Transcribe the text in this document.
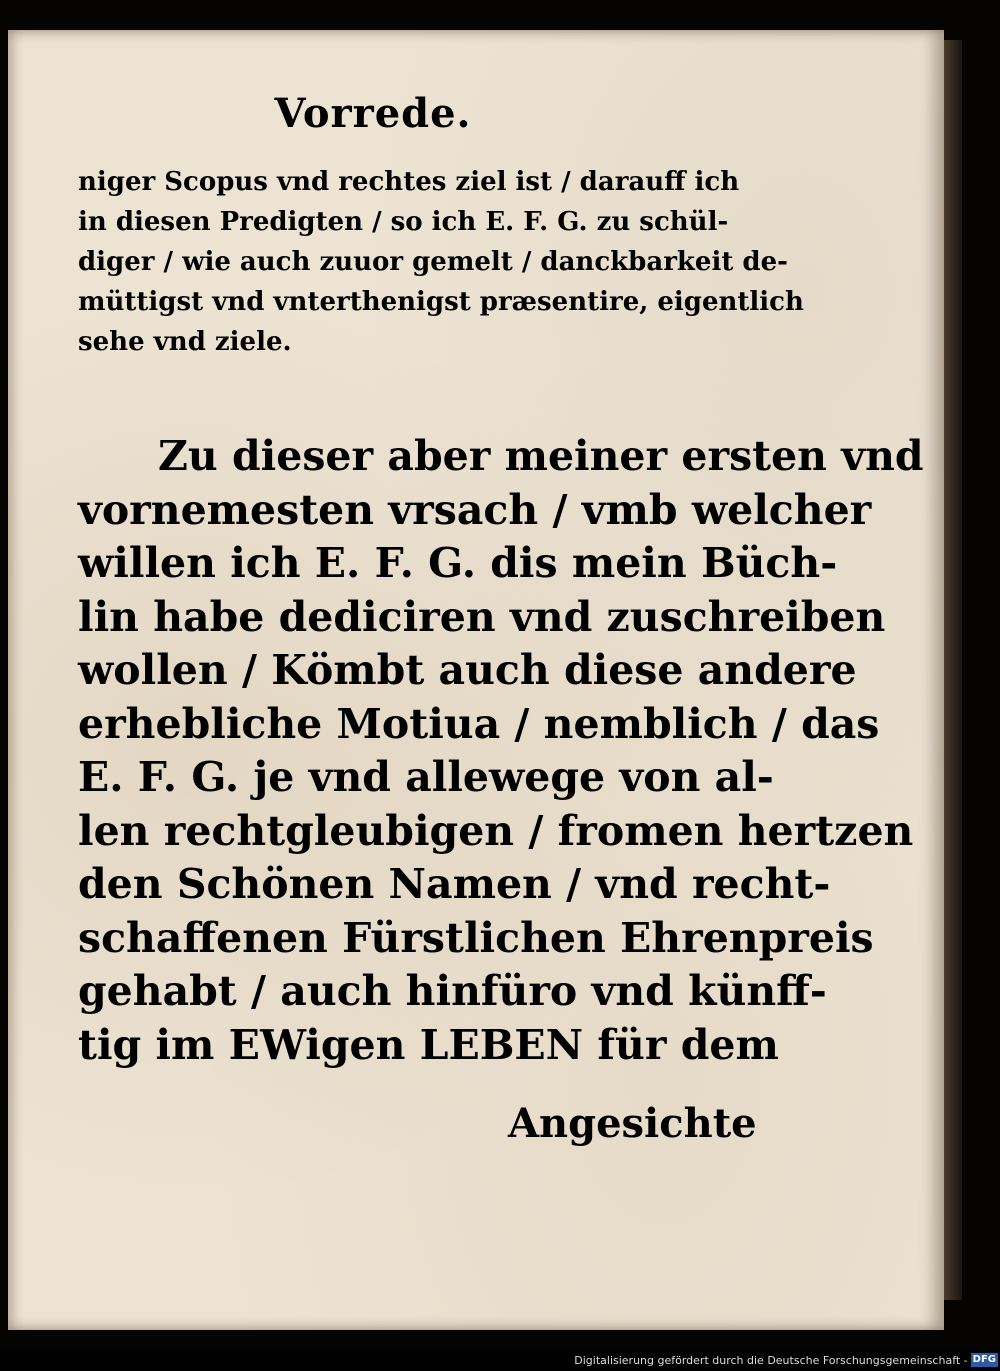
Vorrede.
niger Scopus vnd rechtes ziel ist / darauff ich
in diesen Predigten / so ich E. F. G. zu schül-
diger / wie auch zuuor gemelt / danckbarkeit de-
müttigst vnd vnterthenigst præsentire, eigentlich
sehe vnd ziele.
Zu dieser aber meiner ersten vnd
vornemesten vrsach / vmb welcher
willen ich E. F. G. dis mein Büch-
lin habe dediciren vnd zuschreiben
wollen / Kömbt auch diese andere
erhebliche Motiua / nemblich / das
E. F. G. je vnd allewege von al-
len rechtgleubigen / fromen hertzen
den Schönen Namen / vnd recht-
schaffenen Fürstlichen Ehrenpreis
gehabt / auch hinfüro vnd künff-
tig im EWigen LEBEN für dem
Angesichte
Digitalisierung gefördert durch die Deutsche Forschungsgemeinschaft - DFG
